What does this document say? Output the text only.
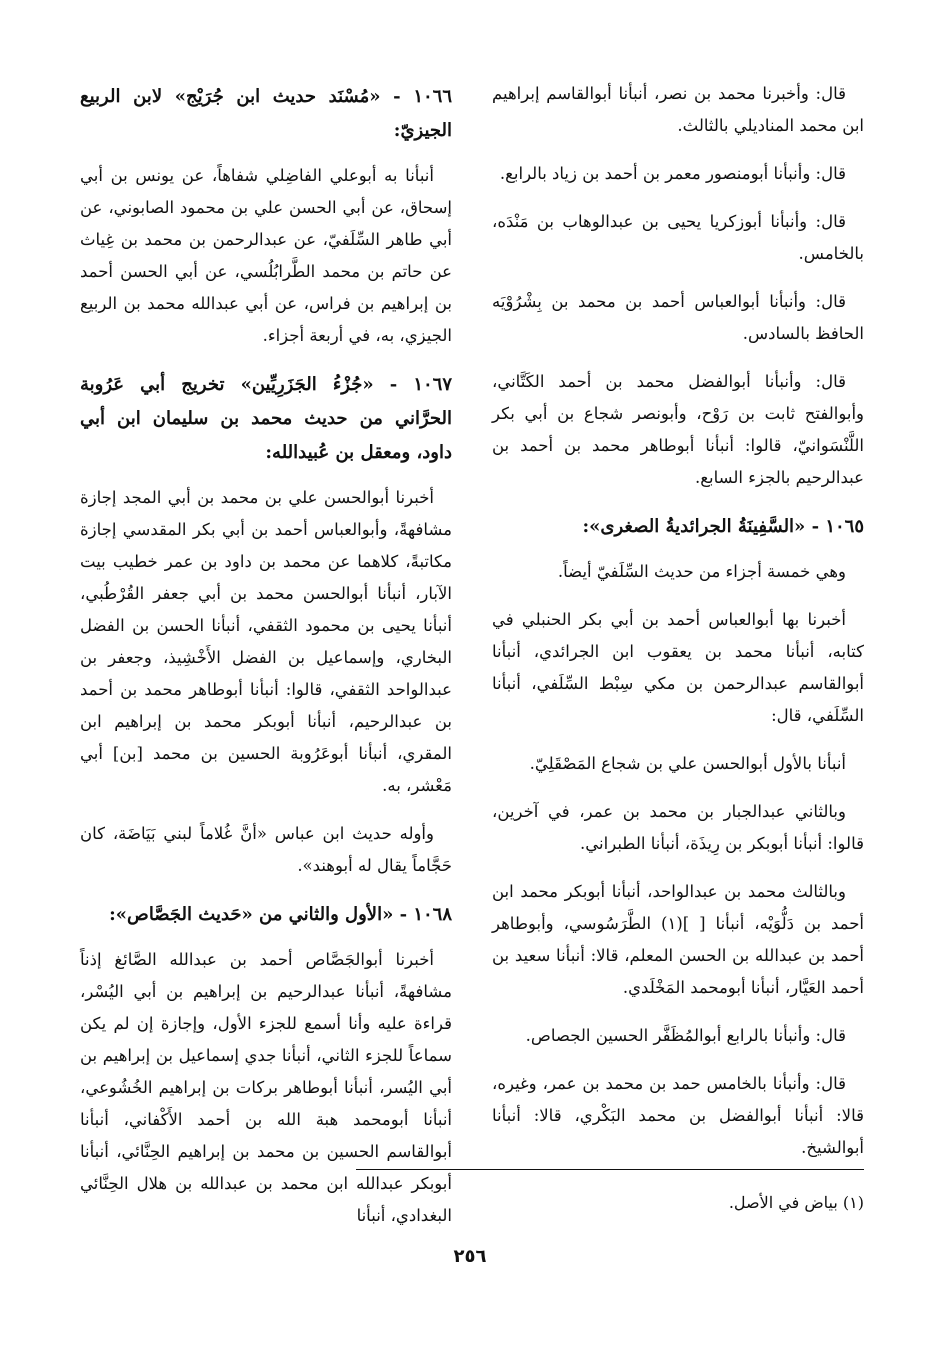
قال: وأخبرنا محمد بن نصر، أنبأنا أبوالقاسم إبراهيم ابن محمد المناديلي بالثالث.

قال: وأنبأنا أبومنصور معمر بن أحمد بن زياد بالرابع.

قال: وأنبأنا أبوزكريا يحيى بن عبدالوهاب بن مَنْدَه، بالخامس.

قال: وأنبأنا أبوالعباس أحمد بن محمد بن بِشْرُوْيَه الحافظ بالسادس.

قال: وأنبأنا أبوالفضل محمد بن أحمد الكَتَّاني، وأبوالفتح ثابت بن رَوْح، وأبونصر شجاع بن أبي بكر اللَّنْسَوانيّ، قالوا: أنبأنا أبوطاهر محمد بن أحمد بن عبدالرحيم بالجزء السابع.

١٠٦٥ - «السَّفِينَةُ الجرائديةُ الصغرى»:

وهي خمسة أجزاء من حديث السِّلَفيّ أيضاً.

أخبرنا بها أبوالعباس أحمد بن أبي بكر الحنبلي في كتابه، أنبأنا محمد بن يعقوب ابن الجرائدي، أنبأنا أبوالقاسم عبدالرحمن بن مكي سِبْط السِّلَفي، أنبأنا السِّلَفي، قال:

أنبأنا بالأول أبوالحسن علي بن شجاع المَصْقَلِيّ.

وبالثاني عبدالجبار بن محمد بن عمر، في آخرين، قالوا: أنبأنا أبوبكر بن رِيذَة، أنبأنا الطبراني.

وبالثالث محمد بن عبدالواحد، أنبأنا أبوبكر محمد ابن أحمد بن دَلُّوَيْه، أنبأنا [ ](١) الطَّرَسُوسي، وأبوطاهر أحمد بن عبدالله بن الحسن المعلم، قالا: أنبأنا سعيد بن أحمد العَيَّار، أنبأنا أبومحمد المَخْلَدي.

قال: وأنبأنا بالرابع أبوالمُظَفَّر الحسين الجصاص.

قال: وأنبأنا بالخامس حمد بن محمد بن عمر، وغيره، قالا: أنبأنا أبوالفضل بن محمد البَكْري، قالا: أنبأنا أبوالشيخ.

١٠٦٦ - «مُسْنَد حديث ابن جُرَيْج» لابن الربيع الجيزيّ:

أنبأنا به أبوعلي الفاضِلي شفاهاً، عن يونس بن أبي إسحاق، عن أبي الحسن علي بن محمود الصابوني، عن أبي طاهر السِّلَفيّ، عن عبدالرحمن بن محمد بن غِياث عن حاتم بن محمد الطَّرابُلُسي، عن أبي الحسن أحمد بن إبراهيم بن فراس، عن أبي عبدالله محمد بن الربيع الجيزي، به، في أربعة أجزاء.

١٠٦٧ - «جُزْءُ الجَزَرِيِّين» تخريج أبي عَرُوبة الحرَّاني من حديث محمد بن سليمان ابن أبي داود، ومعقل بن عُبيدالله:

أخبرنا أبوالحسن علي بن محمد بن أبي المجد إجازة مشافهةً، وأبوالعباس أحمد بن أبي بكر المقدسي إجازة مكاتبةً، كلاهما عن محمد بن داود بن عمر خطيب بيت الآبار، أنبأنا أبوالحسن محمد بن أبي جعفر القُرْطُبي، أنبأنا يحيى بن محمود الثقفي، أنبأنا الحسن بن الفضل البخاري، وإسماعيل بن الفضل الأَخْشِيذ، وجعفر بن عبدالواحد الثقفي، قالوا: أنبأنا أبوطاهر محمد بن أحمد بن عبدالرحيم، أنبأنا أبوبكر محمد بن إبراهيم ابن المقري، أنبأنا أبوعَرُوبة الحسين بن محمد [بن] أبي مَعْشر، به.

وأوله حديث ابن عباس «أنَّ غُلاماً لبني بَيَاضَة، كان حَجَّاماً يقال له أبوهند».

١٠٦٨ - «الأول والثاني من «حَديث الجَصَّاص»:

أخبرنا أبوالجَصَّاص أحمد بن عبدالله الصَّائغ إذناً مشافهةً، أنبأنا عبدالرحيم بن إبراهيم بن أبي اليُسْر، قراءة عليه وأنا أسمع للجزء الأول، وإجازة إن لم يكن سماعاً للجزء الثاني، أنبأنا جدي إسماعيل بن إبراهيم بن أبي اليُسر، أنبأنا أبوطاهر بركات بن إبراهيم الخُشُوعي، أنبأنا أبومحمد هبة الله بن أحمد الأَكْفاني، أنبأنا أبوالقاسم الحسين بن محمد بن إبراهيم الحِنَّائي، أنبأنا أبوبكر عبدالله ابن محمد بن عبدالله بن هلال الحِنَّائي البغدادي، أنبأنا

(١) بياض في الأصل.
٢٥٦
